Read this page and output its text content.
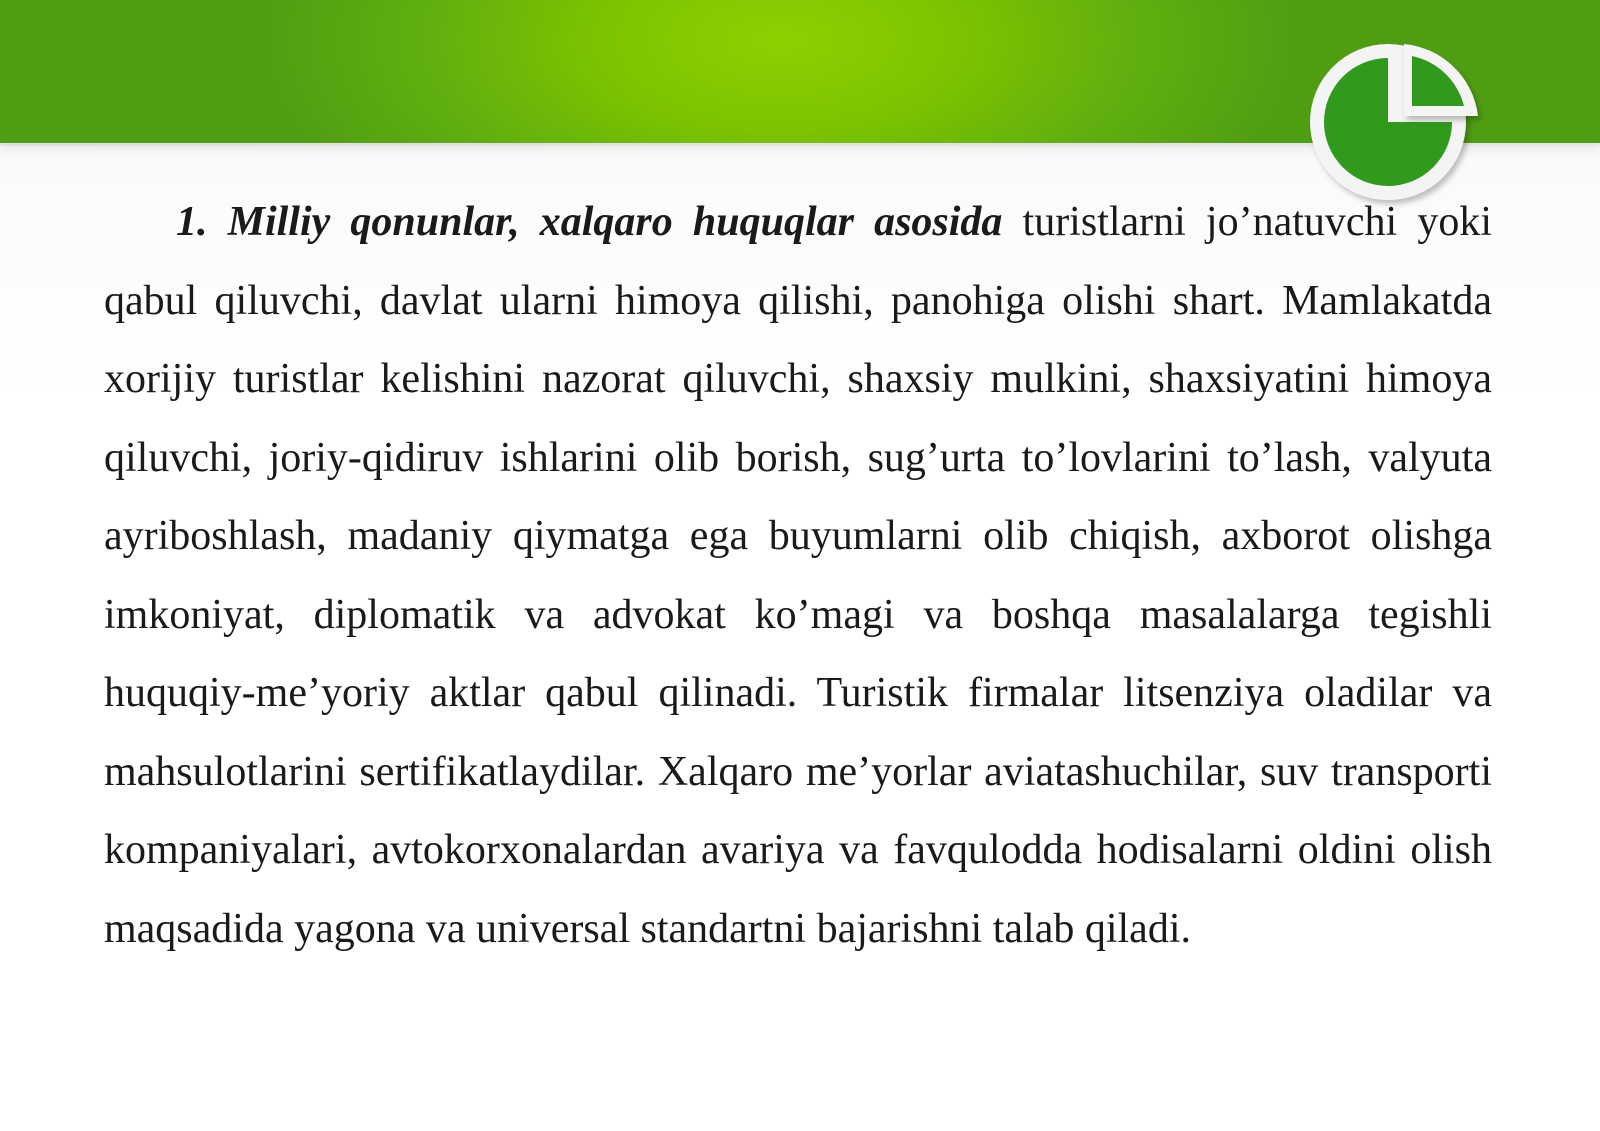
1. Milliy qonunlar, xalqaro huquqlar asosida turistlarni jo’natuvchi yoki qabul qiluvchi, davlat ularni himoya qilishi, panohiga olishi shart. Mamlakatda xorijiy turistlar kelishini nazorat qiluvchi, shaxsiy mulkini, shaxsiyatini himoya qiluvchi, joriy-qidiruv ishlarini olib borish, sug’urta to’lovlarini to’lash, valyuta ayriboshlash, madaniy qiymatga ega buyumlarni olib chiqish, axborot olishga imkoniyat, diplomatik va advokat ko’magi va boshqa masalalarga tegishli huquqiy-me’yoriy aktlar qabul qilinadi. Turistik firmalar litsenziya oladilar va mahsulotlarini sertifikatlaydilar. Xalqaro me’yorlar aviatashuchilar, suv transporti kompaniyalari, avtokorxonalardan avariya va favqulodda hodisalarni oldini olish maqsadida yagona va universal standartni bajarishni talab qiladi.
